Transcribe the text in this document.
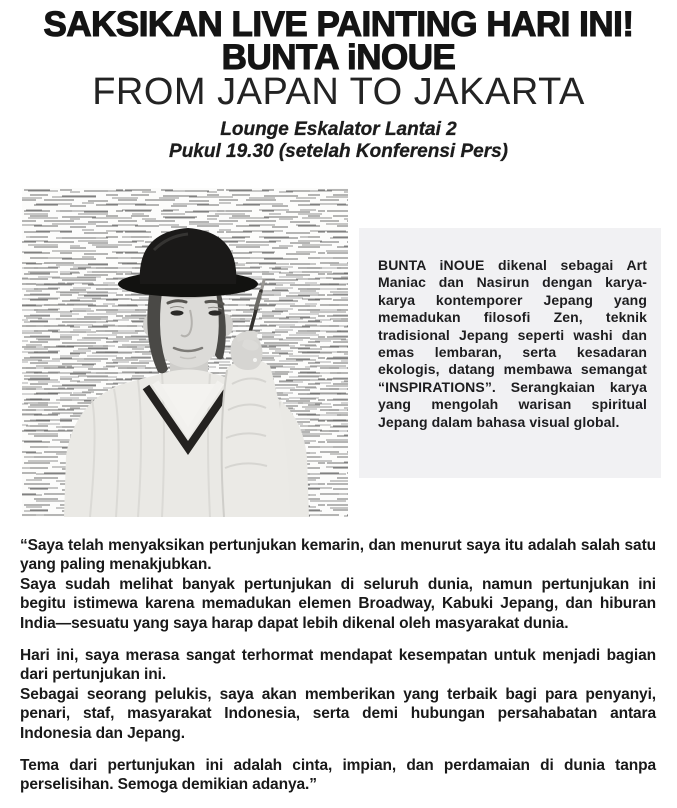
SAKSIKAN LIVE PAINTING HARI INI!
BUNTA iNOUE
FROM JAPAN TO JAKARTA
Lounge Eskalator Lantai 2
Pukul 19.30 (setelah Konferensi Pers)

BUNTA iNOUE dikenal sebagai Art Maniac dan Nasirun dengan karya-karya kontemporer Jepang yang memadukan filosofi Zen, teknik tradisional Jepang seperti washi dan emas lembaran, serta kesadaran ekologis, datang membawa semangat “INSPIRATIONS”. Serangkaian karya yang mengolah warisan spiritual Jepang dalam bahasa visual global.

“Saya telah menyaksikan pertunjukan kemarin, dan menurut saya itu adalah salah satu yang paling menakjubkan.

Saya sudah melihat banyak pertunjukan di seluruh dunia, namun pertunjukan ini begitu istimewa karena memadukan elemen Broadway, Kabuki Jepang, dan hiburan India—sesuatu yang saya harap dapat lebih dikenal oleh masyarakat dunia.

Hari ini, saya merasa sangat terhormat mendapat kesempatan untuk menjadi bagian dari pertunjukan ini.

Sebagai seorang pelukis, saya akan memberikan yang terbaik bagi para penyanyi, penari, staf, masyarakat Indonesia, serta demi hubungan persahabatan antara Indonesia dan Jepang.

Tema dari pertunjukan ini adalah cinta, impian, dan perdamaian di dunia tanpa perselisihan. Semoga demikian adanya.”
